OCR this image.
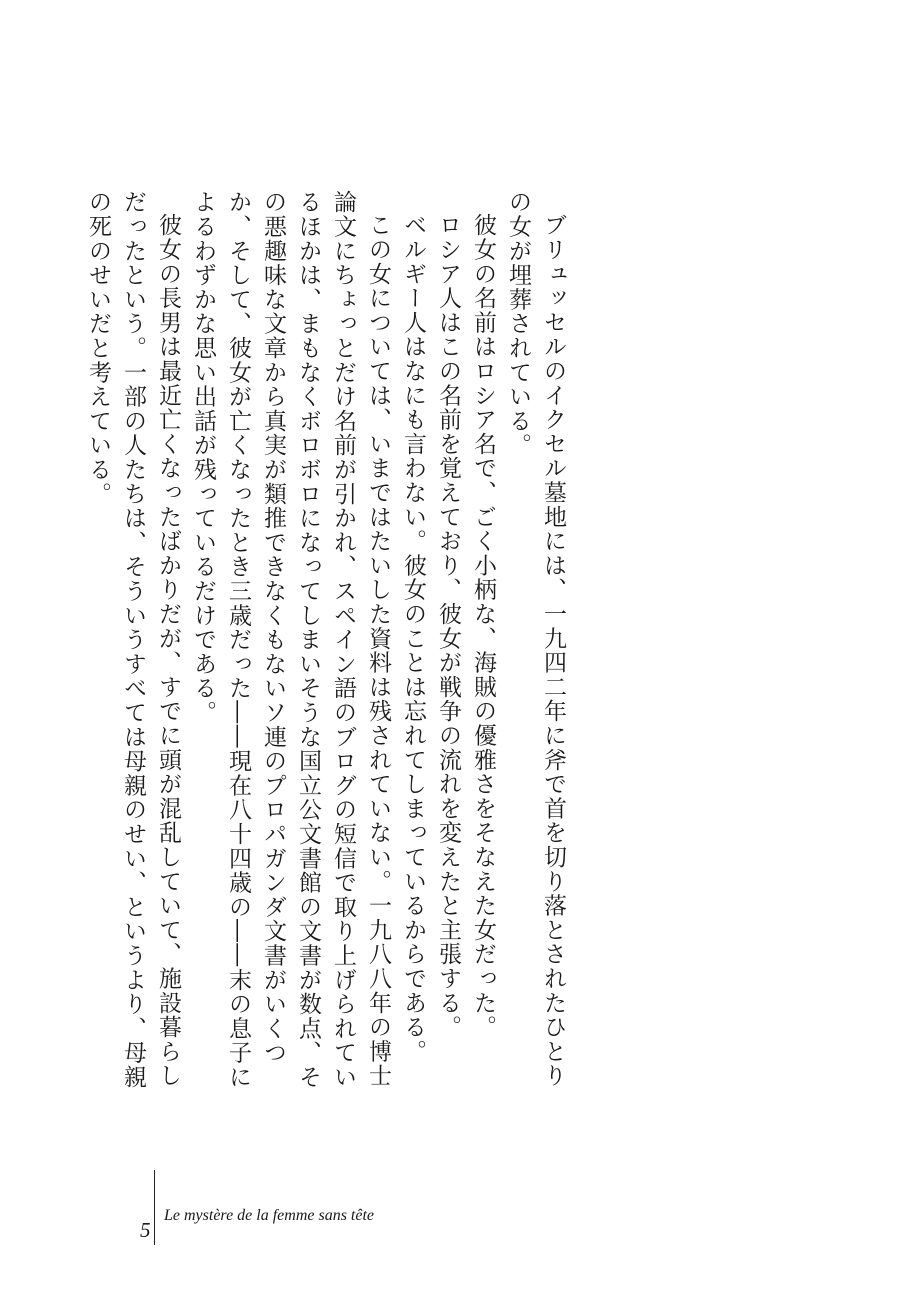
ブリュッセルのイクセル墓地には、一九四二年に斧で首を切り落とされたひとりの女が埋葬されている。

彼女の名前はロシア名で、ごく小柄な、海賊の優雅さをそなえた女だった。

ロシア人はこの名前を覚えており、彼女が戦争の流れを変えたと主張する。

ベルギー人はなにも言わない。彼女のことは忘れてしまっているからである。

この女については、いまではたいした資料は残されていない。一九八八年の博士論文にちょっとだけ名前が引かれ、スペイン語のブログの短信で取り上げられているほかは、まもなくボロボロになってしまいそうな国立公文書館の文書が数点、その悪趣味な文章から真実が類推できなくもないソ連のプロパガンダ文書がいくつか、そして、彼女が亡くなったとき三歳だった――現在八十四歳の――末の息子によるわずかな思い出話が残っているだけである。

彼女の長男は最近亡くなったばかりだが、すでに頭が混乱していて、施設暮らしだったという。一部の人たちは、そういうすべては母親のせい、というより、母親の死のせいだと考えている。

5
Le mystère de la femme sans tête
